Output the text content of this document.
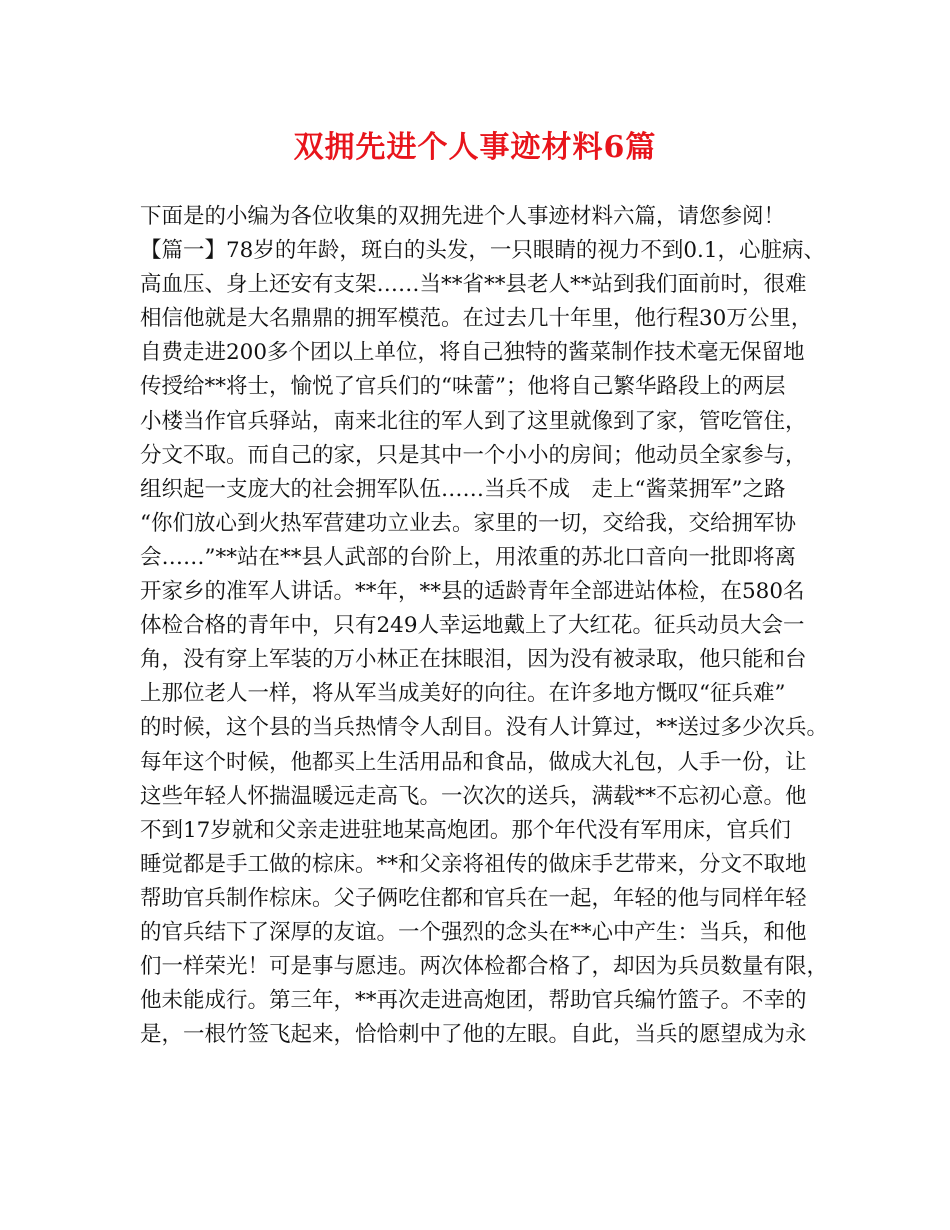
双拥先进个人事迹材料6篇
下面是的小编为各位收集的双拥先进个人事迹材料六篇，请您参阅！
【篇一】78岁的年龄，斑白的头发，一只眼睛的视力不到0.1，心脏病、
高血压、身上还安有支架……当**省**县老人**站到我们面前时，很难
相信他就是大名鼎鼎的拥军模范。在过去几十年里，他行程30万公里，
自费走进200多个团以上单位，将自己独特的酱菜制作技术毫无保留地
传授给**将士，愉悦了官兵们的“味蕾”；他将自己繁华路段上的两层
小楼当作官兵驿站，南来北往的军人到了这里就像到了家，管吃管住，
分文不取。而自己的家，只是其中一个小小的房间；他动员全家参与，
组织起一支庞大的社会拥军队伍……当兵不成　走上“酱菜拥军”之路
“你们放心到火热军营建功立业去。家里的一切，交给我，交给拥军协
会……”**站在**县人武部的台阶上，用浓重的苏北口音向一批即将离
开家乡的准军人讲话。**年，**县的适龄青年全部进站体检，在580名
体检合格的青年中，只有249人幸运地戴上了大红花。征兵动员大会一
角，没有穿上军装的万小林正在抹眼泪，因为没有被录取，他只能和台
上那位老人一样，将从军当成美好的向往。在许多地方慨叹“征兵难”
的时候，这个县的当兵热情令人刮目。没有人计算过，**送过多少次兵。
每年这个时候，他都买上生活用品和食品，做成大礼包，人手一份，让
这些年轻人怀揣温暖远走高飞。一次次的送兵，满载**不忘初心意。他
不到17岁就和父亲走进驻地某高炮团。那个年代没有军用床，官兵们
睡觉都是手工做的棕床。**和父亲将祖传的做床手艺带来，分文不取地
帮助官兵制作棕床。父子俩吃住都和官兵在一起，年轻的他与同样年轻
的官兵结下了深厚的友谊。一个强烈的念头在**心中产生：当兵，和他
们一样荣光！可是事与愿违。两次体检都合格了，却因为兵员数量有限，
他未能成行。第三年，**再次走进高炮团，帮助官兵编竹篮子。不幸的
是，一根竹签飞起来，恰恰刺中了他的左眼。自此，当兵的愿望成为永
